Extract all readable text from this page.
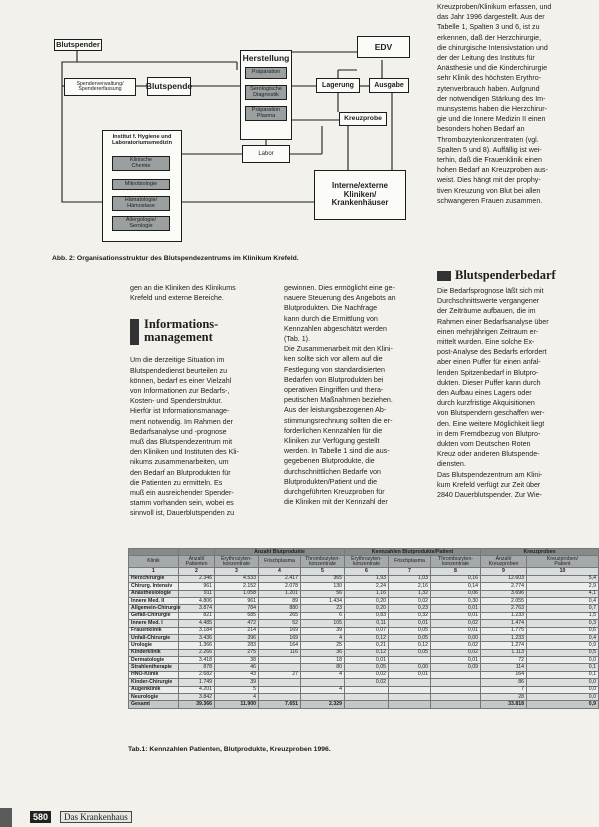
Blutspender
Spenderverwaltung/
Spendererfassung	Blutspende
Herstellung
Präparation
Serologische
Diagnostik
Präparation
Plasma
EDV
Lagerung	Ausgabe
Kreuzprobe
Labor
Institut f. Hygiene und
Laboratoriumsmedizin
Klinische
Chemie
Mikrobiologie
Hämatologie/
Hämostase
Allergologie/
Serologie
Interne/externe
Kliniken/
Krankenhäuser
Abb. 2: Organisationsstruktur des Blutspendezentrums im Klinikum Krefeld.

Kreuzproben/Klinikum erfassen, und

das Jahr 1996 dargestellt. Aus der

Tabelle 1, Spalten 3 und 6, ist zu

erkennen, daß der Herzchirurgie,

die chirurgische Intensivstation und

der der Leitung des Instituts für

Anästhesie und die Kinderchirurgie

sehr Klinik des höchsten Erythro-

zytenverbrauch haben. Aufgrund

der notwendigen Stärkung des Im-

munsystems haben die Herzchirur-

gie und die Innere Medizin II einen

besonders hohen Bedarf an

Thrombozytenkonzentraten (vgl.

Spalten 5 und 8). Auffällig ist wei-

terhin, daß die Frauenklinik einen

hohen Bedarf an Kreuzproben aus-

weist. Dies hängt mit der prophy-

tiven Kreuzung von Blut bei allen

schwangeren Frauen zusammen.

gen an die Kliniken des Klinikums

Krefeld und externe Bereiche.

Informations-
management

Um die derzeitige Situation im

Blutspendedienst beurteilen zu

können, bedarf es einer Vielzahl

von Informationen zur Bedarfs-,

Kosten- und Spenderstruktur.

Hierfür ist Informationsmanage-

ment notwendig. Im Rahmen der

Bedarfsanalyse und -prognose

muß das Blutspendezentrum mit

den Kliniken und Instituten des Kli-

nikums zusammenarbeiten, um

den Bedarf an Blutprodukten für

die Patienten zu ermitteln. Es

muß ein ausreichender Spender-

stamm vorhanden sein, wobei es

sinnvoll ist, Dauerblutspenden zu

gewinnen. Dies ermöglicht eine ge-

nauere Steuerung des Angebots an

Blutprodukten. Die Nachfrage

kann durch die Ermittlung von

Kennzahlen abgeschätzt werden

(Tab. 1).

Die Zusammenarbeit mit den Klini-

ken sollte sich vor allem auf die

Festlegung von standardisierten

Bedarfen von Blutprodukten bei

operativen Eingriffen und thera-

peutischen Maßnahmen beziehen.

Aus der leistungsbezogenen Ab-

stimmungsrechnung sollten die er-

forderlichen Kennzahlen für die

Kliniken zur Verfügung gestellt

werden. In Tabelle 1 sind die aus-

gegebenen Blutprodukte, die

durchschnittlichen Bedarfe von

Blutprodukten/Patient und die

durchgeführten Kreuzproben für

die Kliniken mit der Kennzahl der

Blutspenderbedarf

Die Bedarfsprognose läßt sich mit

Durchschnittswerte vergangener

der Zeiträume aufbauen, die im

Rahmen einer Bedarfsanalyse über

einen mehrjährigen Zeitraum er-

mittelt wurden. Eine solche Ex-

post-Analyse des Bedarfs erfordert

aber einen Puffer für einen anfal-

lenden Spitzenbedarf in Blutpro-

dukten. Dieser Puffer kann durch

den Aufbau eines Lagers oder

durch kurzfristige Akquisitionen

von Blutspendern geschaffen wer-

den. Eine weitere Möglichkeit liegt

in dem Fremdbezug von Blutpro-

dukten vom Deutschen Roten

Kreuz oder anderen Blutspende-

diensten.

Das Blutspendezentrum am Klini-

kum Krefeld verfügt zur Zeit über

2840 Dauerblutspender. Zur Wie-

		Anzahl Blutprodukte			Kennzahlen Blutprodukte/Patient			Kreuzproben	
Klinik	Anzahl
Patienten	Erythrozyten-
konzentrate	Frischplasma	Thrombozyten-
konzentrate	Erythrozyten-
konzentrate	Frischplasma	Thrombozyten-
konzentrate	Anzahl
Kreuzproben	Kreuzproben/
Patient
1	2	3	4	5	6	7	8	9	10
Herzchirurgie	2.346	4.533	2.417	365	1,93	1,03	0,16	12.603	5,4
Chirurg. Intensiv	961	2.152	2.078	130	2,24	2,16	0,14	2.774	2,9
Anästhesiologie	911	1.058	1.201	56	1,16	1,32	0,06	3.696	4,1
Innere Med. II	4.806	961	89	1.434	0,20	0,02	0,30	2.055	0,4
Allgemein-Chirurgie	3.874	784	880	23	0,20	0,23	0,01	2.763	0,7
Gefäß-Chirurgie	821	685	265	6	0,83	0,32	0,01	1.233	1,5
Innere Med. I	4.485	472	52	105	0,11	0,01	0,02	1.474	0,3
Frauenklinik	3.184	214	169	39	0,07	0,05	0,01	1.775	0,6
Unfall-Chirurgie	3.436	396	169	4	0,12	0,05	0,00	1.233	0,4
Urologie	1.366	283	164	25	0,21	0,12	0,02	1.274	0,9
Kinderklinik	2.266	275	116	36	0,12	0,05	0,02	1.113	0,5
Dermatologie	3.418	38		18	0,01		0,01	72	0,0
Strahlentherapie	878	46		80	0,05	0,00	0,09	114	0,1
HNO-Klinik	2.682	43	27	4	0,02	0,01		164	0,1
Kinder-Chirurgie	1.749	39			0,02			86	0,0
Augenklinik	4.201	5		4				7	0,0
Neurologie	3.842	4						28	0,0
Gesamt	39.366	11.900	7.651	2.329				33.818	0,9
Tab.1: Kennzahlen Patienten, Blutprodukte, Kreuzproben 1996.
580	Das Krankenhaus
